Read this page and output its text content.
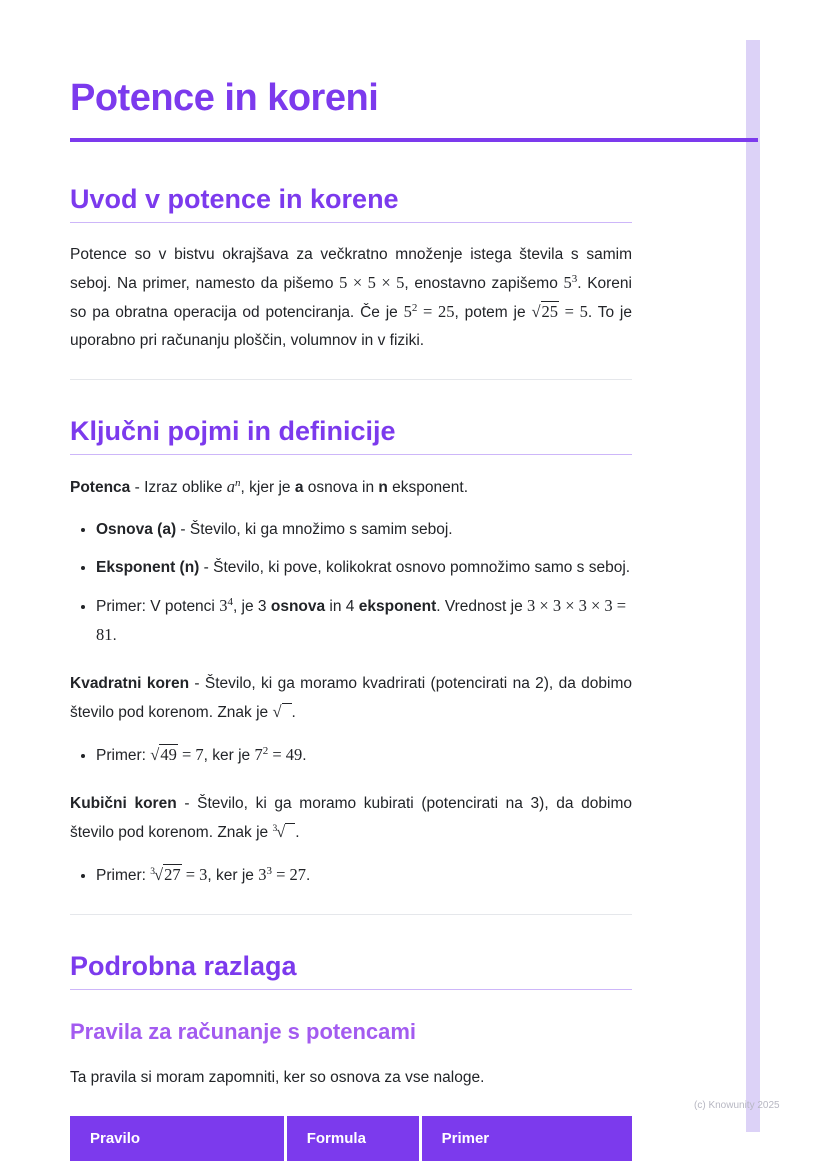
(c) Knowunity 2025
Potence in koreni
Uvod v potence in korene

Potence so v bistvu okrajšava za večkratno množenje istega števila s samim seboj. Na primer, namesto da pišemo 5 × 5 × 5, enostavno zapišemo $5^3$. Koreni so pa obratna operacija od potenciranja. Če je $5^2 = 25$, potem je √25 = 5. To je uporabno pri računanju ploščin, volumnov in v fiziki.

Ključni pojmi in definicije

Potenca - Izraz oblike $a^n$, kjer je a osnova in n eksponent.

• Osnova (a) - Število, ki ga množimo s samim seboj.
• Eksponent (n) - Število, ki pove, kolikokrat osnovo pomnožimo samo s seboj.
• Primer: V potenci $3^4$, je 3 osnova in 4 eksponent. Vrednost je 3 × 3 × 3 × 3 = 81.

Kvadratni koren - Število, ki ga moramo kvadrirati (potencirati na 2), da dobimo število pod korenom. Znak je √ .

• Primer: √49 = 7, ker je $7^2 = 49$.

Kubični koren - Število, ki ga moramo kubirati (potencirati na 3), da dobimo število pod korenom. Znak je $^3$√ .

• Primer: $^3$√27 = 3, ker je $3^3 = 27$.
Podrobna razlaga
Pravila za računanje s potencami

Ta pravila si moram zapomniti, ker so osnova za vse naloge.

Pravilo	Formula	Primer
